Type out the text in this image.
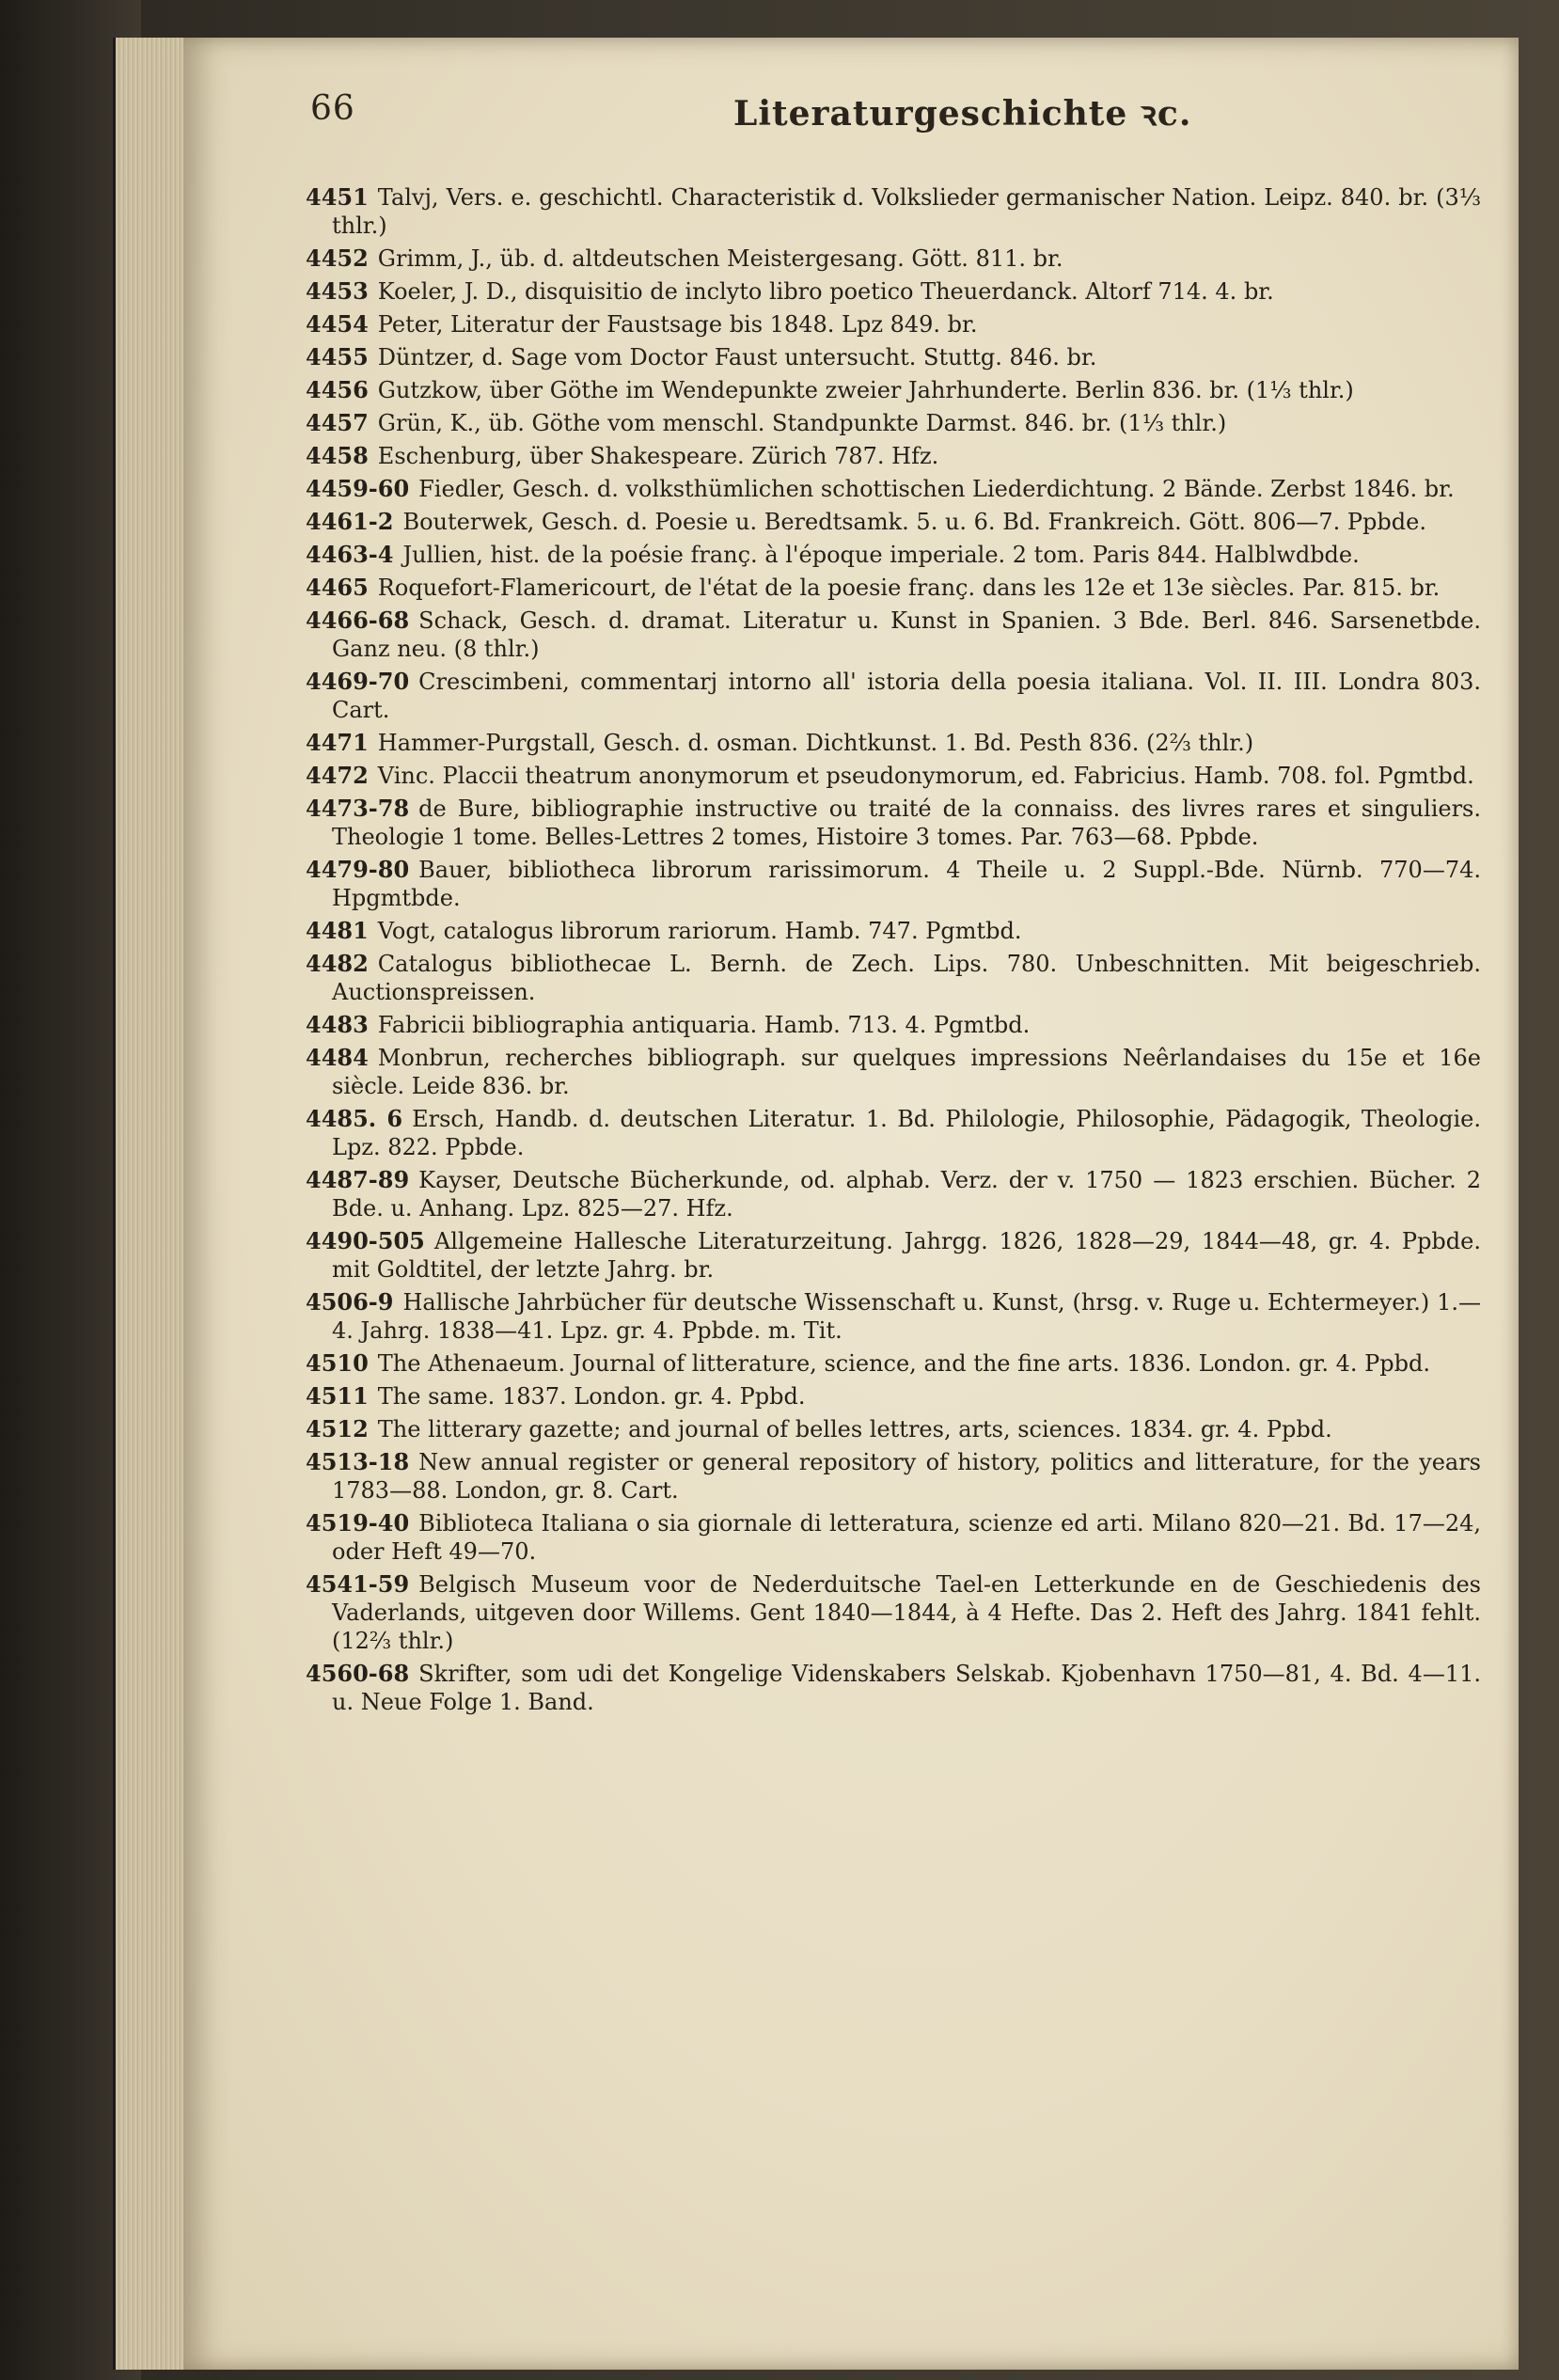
66	Literaturgeschichte ꝛc.
4451 Talvj, Vers. e. geschichtl. Characteristik d. Volkslieder germanischer Nation. Leipz. 840. br. (3⅓ thlr.)
4452 Grimm, J., üb. d. altdeutschen Meistergesang. Gött. 811. br.
4453 Koeler, J. D., disquisitio de inclyto libro poetico Theuerdanck. Altorf 714. 4. br.
4454 Peter, Literatur der Faustsage bis 1848. Lpz 849. br.
4455 Düntzer, d. Sage vom Doctor Faust untersucht. Stuttg. 846. br.
4456 Gutzkow, über Göthe im Wendepunkte zweier Jahrhunderte. Berlin 836. br. (1⅓ thlr.)
4457 Grün, K., üb. Göthe vom menschl. Standpunkte Darmst. 846. br. (1⅓ thlr.)
4458 Eschenburg, über Shakespeare. Zürich 787. Hfz.
4459-60 Fiedler, Gesch. d. volksthümlichen schottischen Liederdichtung. 2 Bände. Zerbst 1846. br.
4461-2 Bouterwek, Gesch. d. Poesie u. Beredtsamk. 5. u. 6. Bd. Frankreich. Gött. 806—7. Ppbde.
4463-4 Jullien, hist. de la poésie franç. à l'époque imperiale. 2 tom. Paris 844. Halblwdbde.
4465 Roquefort-Flamericourt, de l'état de la poesie franç. dans les 12e et 13e siècles. Par. 815. br.
4466-68 Schack, Gesch. d. dramat. Literatur u. Kunst in Spanien. 3 Bde. Berl. 846. Sarsenetbde. Ganz neu. (8 thlr.)
4469-70 Crescimbeni, commentarj intorno all' istoria della poesia italiana. Vol. II. III. Londra 803. Cart.
4471 Hammer-Purgstall, Gesch. d. osman. Dichtkunst. 1. Bd. Pesth 836. (2⅔ thlr.)
4472 Vinc. Placcii theatrum anonymorum et pseudonymorum, ed. Fabricius. Hamb. 708. fol. Pgmtbd.
4473-78 de Bure, bibliographie instructive ou traité de la connaiss. des livres rares et singuliers. Theologie 1 tome. Belles-Lettres 2 tomes, Histoire 3 tomes. Par. 763—68. Ppbde.
4479-80 Bauer, bibliotheca librorum rarissimorum. 4 Theile u. 2 Suppl.-Bde. Nürnb. 770—74. Hpgmtbde.
4481 Vogt, catalogus librorum rariorum. Hamb. 747. Pgmtbd.
4482 Catalogus bibliothecae L. Bernh. de Zech. Lips. 780. Unbeschnitten. Mit beigeschrieb. Auctionspreissen.
4483 Fabricii bibliographia antiquaria. Hamb. 713. 4. Pgmtbd.
4484 Monbrun, recherches bibliograph. sur quelques impressions Neêrlandaises du 15e et 16e siècle. Leide 836. br.
4485. 6 Ersch, Handb. d. deutschen Literatur. 1. Bd. Philologie, Philosophie, Pädagogik, Theologie. Lpz. 822. Ppbde.
4487-89 Kayser, Deutsche Bücherkunde, od. alphab. Verz. der v. 1750 — 1823 erschien. Bücher. 2 Bde. u. Anhang. Lpz. 825—27. Hfz.
4490-505 Allgemeine Hallesche Literaturzeitung. Jahrgg. 1826, 1828—29, 1844—48, gr. 4. Ppbde. mit Goldtitel, der letzte Jahrg. br.
4506-9 Hallische Jahrbücher für deutsche Wissenschaft u. Kunst, (hrsg. v. Ruge u. Echtermeyer.) 1.—4. Jahrg. 1838—41. Lpz. gr. 4. Ppbde. m. Tit.
4510 The Athenaeum. Journal of litterature, science, and the fine arts. 1836. London. gr. 4. Ppbd.
4511 The same. 1837. London. gr. 4. Ppbd.
4512 The litterary gazette; and journal of belles lettres, arts, sciences. 1834. gr. 4. Ppbd.
4513-18 New annual register or general repository of history, politics and litterature, for the years 1783—88. London, gr. 8. Cart.
4519-40 Biblioteca Italiana o sia giornale di letteratura, scienze ed arti. Milano 820—21. Bd. 17—24, oder Heft 49—70.
4541-59 Belgisch Museum voor de Nederduitsche Tael-en Letterkunde en de Geschiedenis des Vaderlands, uitgeven door Willems. Gent 1840—1844, à 4 Hefte. Das 2. Heft des Jahrg. 1841 fehlt. (12⅔ thlr.)
4560-68 Skrifter, som udi det Kongelige Videnskabers Selskab. Kjobenhavn 1750—81, 4. Bd. 4—11. u. Neue Folge 1. Band.
